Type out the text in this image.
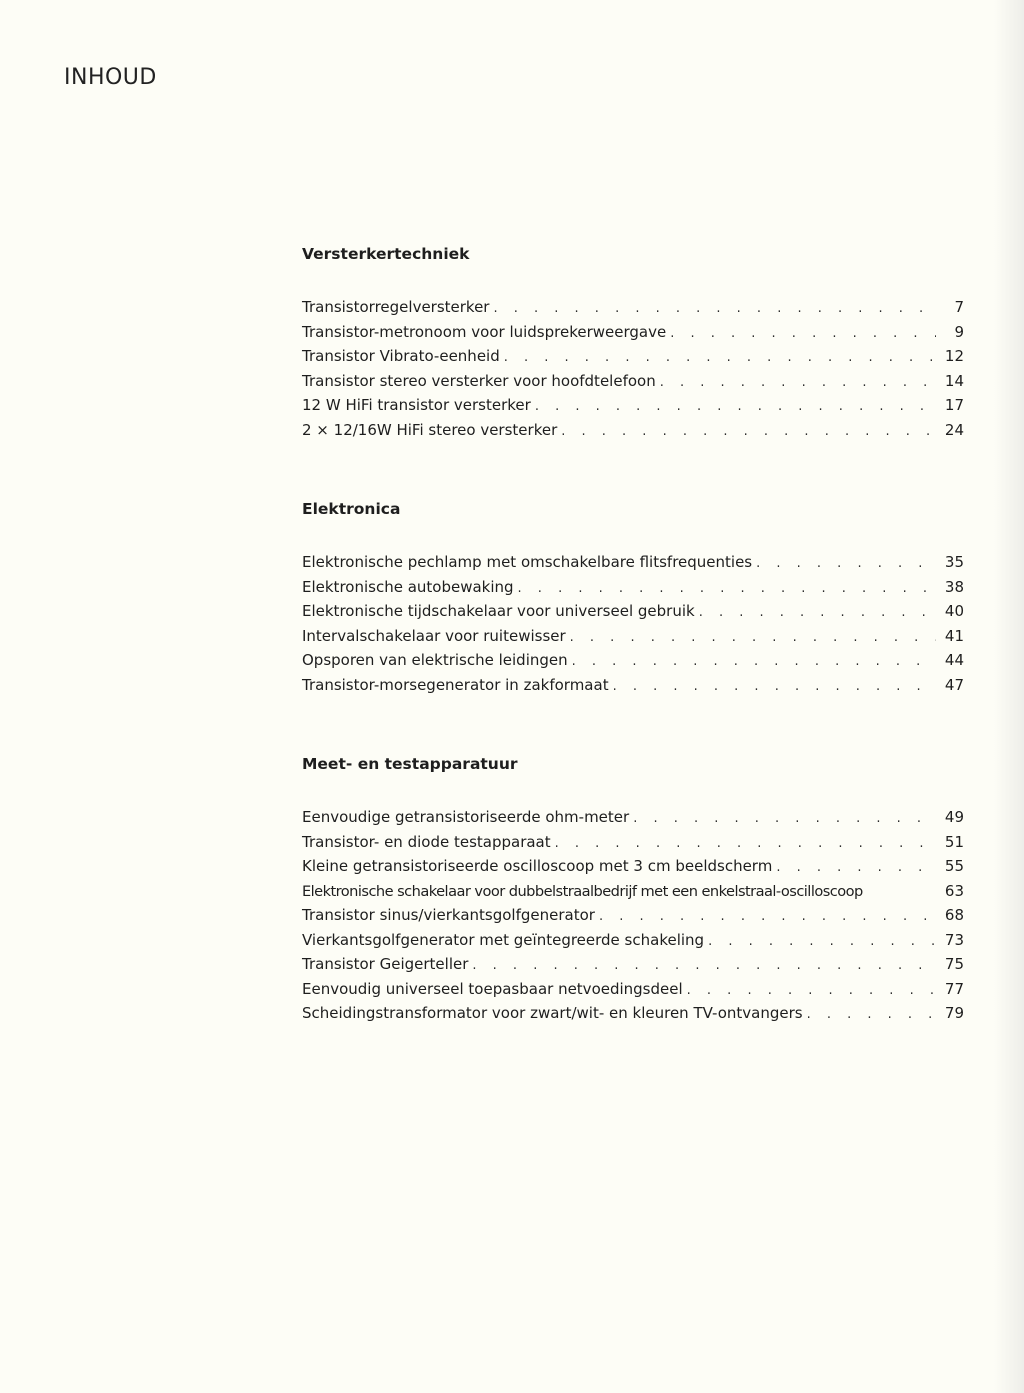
INHOUD
Versterkertechniek
Transistorregelversterker . . .	7
Transistor-metronoom voor luidsprekerweergave . . .	9
Transistor Vibrato-eenheid . . .	12
Transistor stereo versterker voor hoofdtelefoon . . .	14
12 W HiFi transistor versterker . . .	17
2 × 12/16W HiFi stereo versterker . . .	24
Elektronica
Elektronische pechlamp met omschakelbare flitsfrequenties . . .	35
Elektronische autobewaking . . .	38
Elektronische tijdschakelaar voor universeel gebruik . . .	40
Intervalschakelaar voor ruitewisser . . .	41
Opsporen van elektrische leidingen . . .	44
Transistor-morsegenerator in zakformaat . . .	47
Meet- en testapparatuur
Eenvoudige getransistoriseerde ohm-meter . . .	49
Transistor- en diode testapparaat . . .	51
Kleine getransistoriseerde oscilloscoop met 3 cm beeldscherm . . .	55
Elektronische schakelaar voor dubbelstraalbedrijf met een enkelstraal-oscilloscoop	63
Transistor sinus/vierkantsgolfgenerator . . .	68
Vierkantsgolfgenerator met geïntegreerde schakeling . . .	73
Transistor Geigerteller . . .	75
Eenvoudig universeel toepasbaar netvoedingsdeel . . .	77
Scheidingstransformator voor zwart/wit- en kleuren TV-ontvangers . . .	79
